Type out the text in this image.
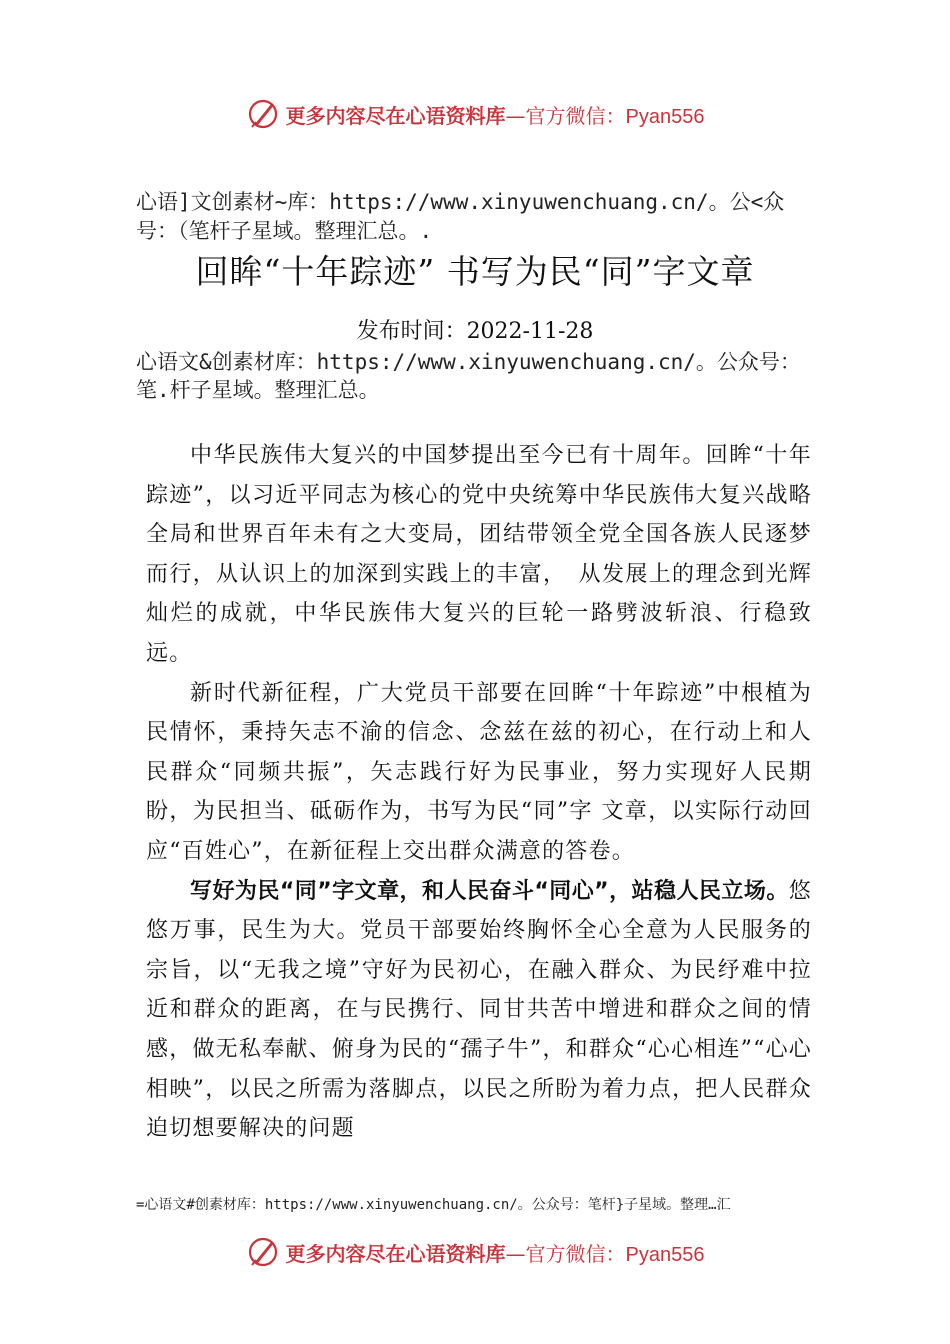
更多内容尽在心语资料库—官方微信：Pyan556
心语]文创素材~库：https://www.xinyuwenchuang.cn/。公<众
号：（笔杆子星域。整理汇总。.
回眸“十年踪迹” 书写为民“同”字文章
发布时间：2022-11-28
心语文&创素材库：https://www.xinyuwenchuang.cn/。公众号：
笔.杆子星域。整理汇总。

中华民族伟大复兴的中国梦提出至今已有十周年。回眸“十年踪迹”，以习近平同志为核心的党中央统筹中华民族伟大复兴战略全局和世界百年未有之大变局，团结带领全党全国各族人民逐梦而行，从认识上的加深到实践上的丰富，　从发展上的理念到光辉灿烂的成就，中华民族伟大复兴的巨轮一路劈波斩浪、行稳致远。

新时代新征程，广大党员干部要在回眸“十年踪迹”中根植为民情怀，秉持矢志不渝的信念、念兹在兹的初心，在行动上和人民群众“同频共振”，矢志践行好为民事业，努力实现好人民期盼，为民担当、砥砺作为，书写为民“同”字 文章，以实际行动回应“百姓心”，在新征程上交出群众满意的答卷。

写好为民“同”字文章，和人民奋斗“同心”，站稳人民立场。悠悠万事，民生为大。党员干部要始终胸怀全心全意为人民服务的宗旨，以“无我之境”守好为民初心，在融入群众、为民纾难中拉近和群众的距离，在与民携行、同甘共苦中增进和群众之间的情感，做无私奉献、俯身为民的“孺子牛”，和群众“心心相连”“心心相映”，以民之所需为落脚点，以民之所盼为着力点，把人民群众迫切想要解决的问题

=心语文#创素材库：https://www.xinyuwenchuang.cn/。公众号：笔杆}子星域。整理…汇
更多内容尽在心语资料库—官方微信：Pyan556
